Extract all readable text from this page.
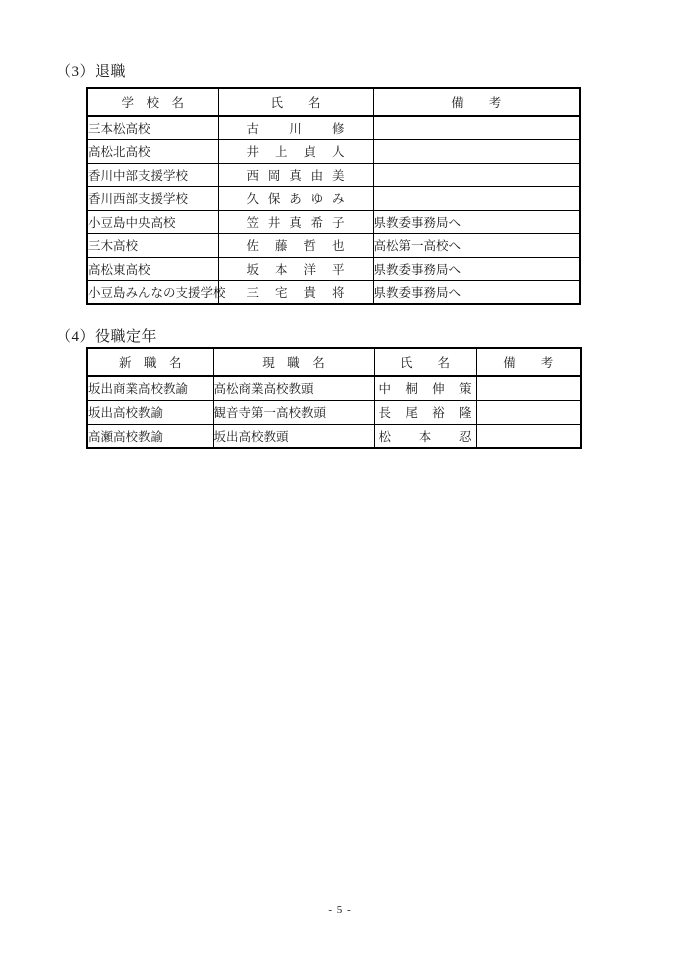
（3）退職
学　校　名	氏　　名	備　　考
三本松高校	古 川 修	

高松北高校	井 上 貞 人	

香川中部支援学校	西 岡 真 由 美	

香川西部支援学校	久 保 あ ゆ み	

小豆島中央高校	笠 井 真 希 子	県教委事務局へ
三木高校	佐 藤 哲 也	高松第一高校へ
高松東高校	坂 本 洋 平	県教委事務局へ
小豆島みんなの支援学校	三 宅 貴 将	県教委事務局へ
（4）役職定年
新　職　名	現　職　名	氏　　名	備　　考
坂出商業高校教諭	高松商業高校教頭	中 桐 伸 策	

坂出高校教諭	観音寺第一高校教頭	長 尾 裕 隆	

高瀬高校教諭	坂出高校教頭	松 本 忍	

- 5 -
